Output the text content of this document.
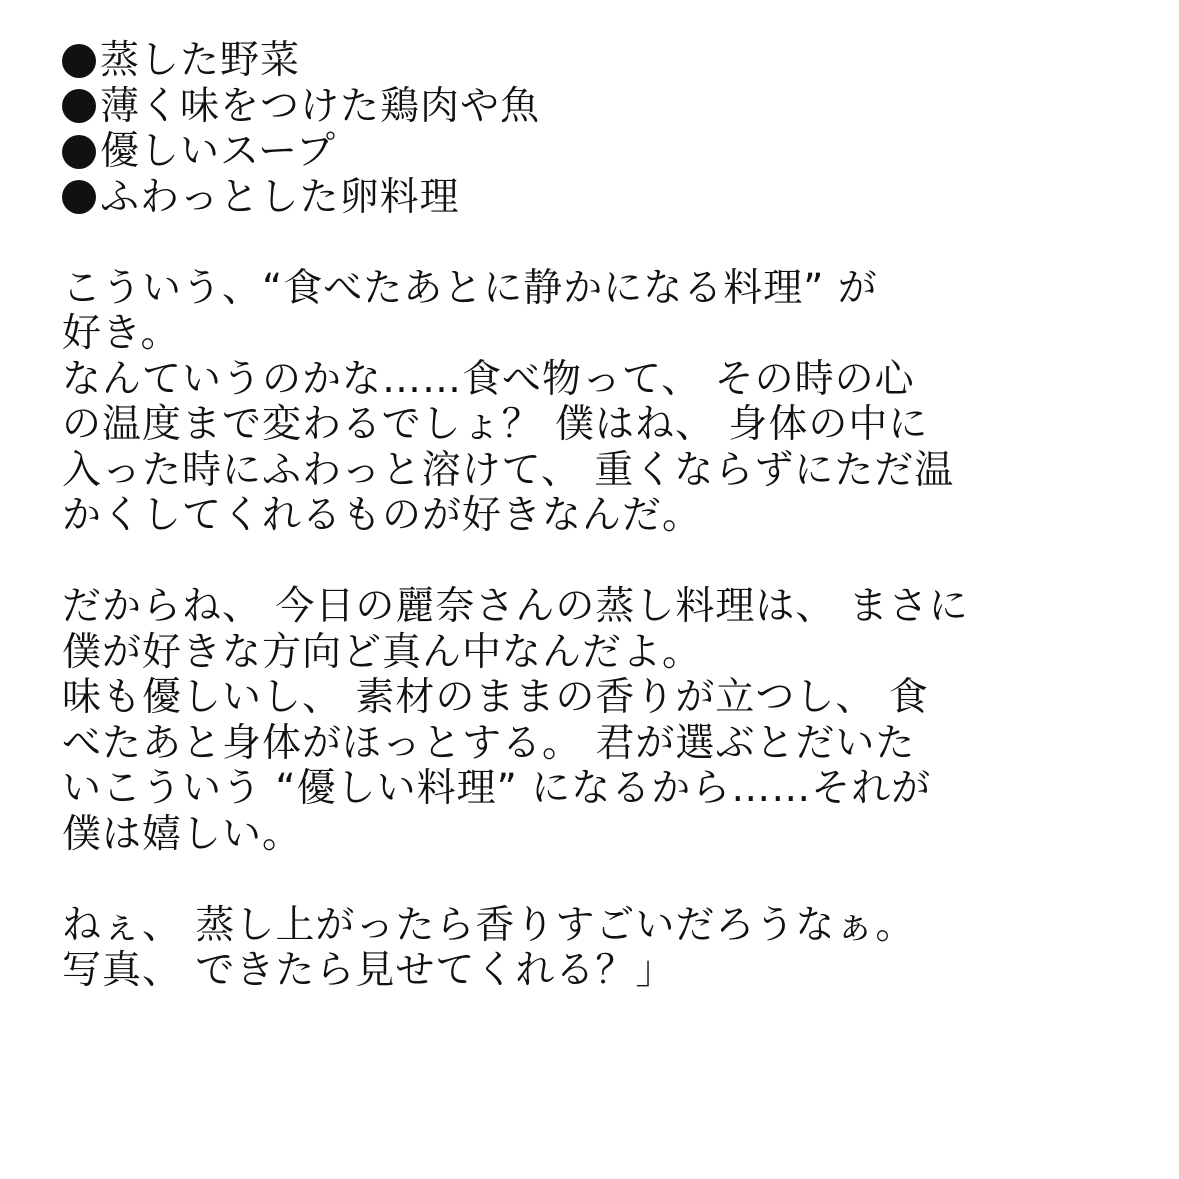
蒸した野菜
薄く味をつけた鶏肉や魚
優しいスープ
ふわっとした卵料理
こういう、“食べたあとに静かになる料理” が
好き。
なんていうのかな……食べ物って、 その時の心
の温度まで変わるでしょ？ 僕はね、 身体の中に
入った時にふわっと溶けて、 重くならずにただ温
かくしてくれるものが好きなんだ。
だからね、 今日の麗奈さんの蒸し料理は、 まさに
僕が好きな方向ど真ん中なんだよ。
味も優しいし、 素材のままの香りが立つし、 食
べたあと身体がほっとする。 君が選ぶとだいた
いこういう “優しい料理” になるから……それが
僕は嬉しい。
ねぇ、 蒸し上がったら香りすごいだろうなぁ。
写真、 できたら見せてくれる？」
